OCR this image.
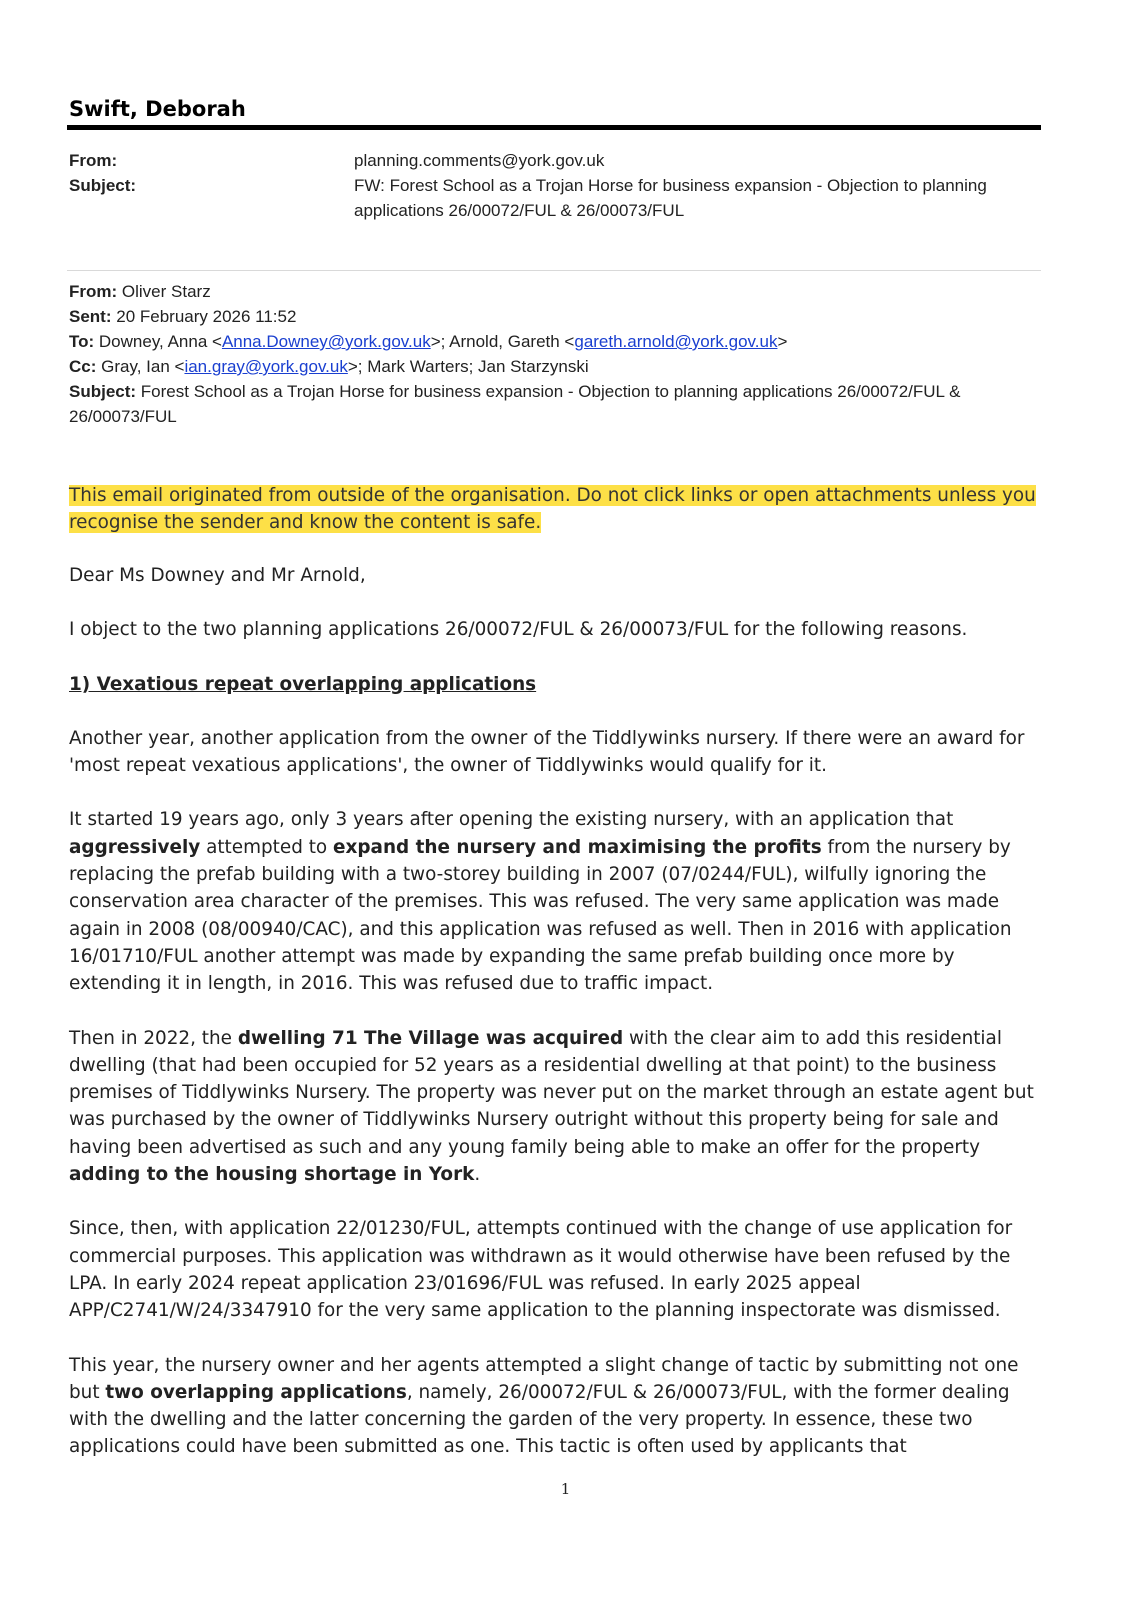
Swift, Deborah
From:	planning.comments@york.gov.uk
Subject:	FW: Forest School as a Trojan Horse for business expansion - Objection to planning applications 26/00072/FUL & 26/00073/FUL
From: Oliver Starz
Sent: 20 February 2026 11:52
To: Downey, Anna <Anna.Downey@york.gov.uk>; Arnold, Gareth <gareth.arnold@york.gov.uk>
Cc: Gray, Ian <ian.gray@york.gov.uk>; Mark Warters; Jan Starzynski
Subject: Forest School as a Trojan Horse for business expansion - Objection to planning applications 26/00072/FUL & 26/00073/FUL
This email originated from outside of the organisation. Do not click links or open attachments unless you recognise the sender and know the content is safe.

Dear Ms Downey and Mr Arnold,

I object to the two planning applications 26/00072/FUL & 26/00073/FUL for the following reasons.

1) Vexatious repeat overlapping applications

Another year, another application from the owner of the Tiddlywinks nursery. If there were an award for 'most repeat vexatious applications', the owner of Tiddlywinks would qualify for it.

It started 19 years ago, only 3 years after opening the existing nursery, with an application that aggressively attempted to expand the nursery and maximising the profits from the nursery by replacing the prefab building with a two-storey building in 2007 (07/0244/FUL), wilfully ignoring the conservation area character of the premises. This was refused. The very same application was made again in 2008 (08/00940/CAC), and this application was refused as well. Then in 2016 with application 16/01710/FUL another attempt was made by expanding the same prefab building once more by extending it in length, in 2016. This was refused due to traffic impact.

Then in 2022, the dwelling 71 The Village was acquired with the clear aim to add this residential dwelling (that had been occupied for 52 years as a residential dwelling at that point) to the business premises of Tiddlywinks Nursery. The property was never put on the market through an estate agent but was purchased by the owner of Tiddlywinks Nursery outright without this property being for sale and having been advertised as such and any young family being able to make an offer for the property adding to the housing shortage in York.

Since, then, with application 22/01230/FUL, attempts continued with the change of use application for commercial purposes. This application was withdrawn as it would otherwise have been refused by the LPA. In early 2024 repeat application 23/01696/FUL was refused. In early 2025 appeal APP/C2741/W/24/3347910 for the very same application to the planning inspectorate was dismissed.

This year, the nursery owner and her agents attempted a slight change of tactic by submitting not one but two overlapping applications, namely, 26/00072/FUL & 26/00073/FUL, with the former dealing with the dwelling and the latter concerning the garden of the very property. In essence, these two applications could have been submitted as one. This tactic is often used by applicants that

1
